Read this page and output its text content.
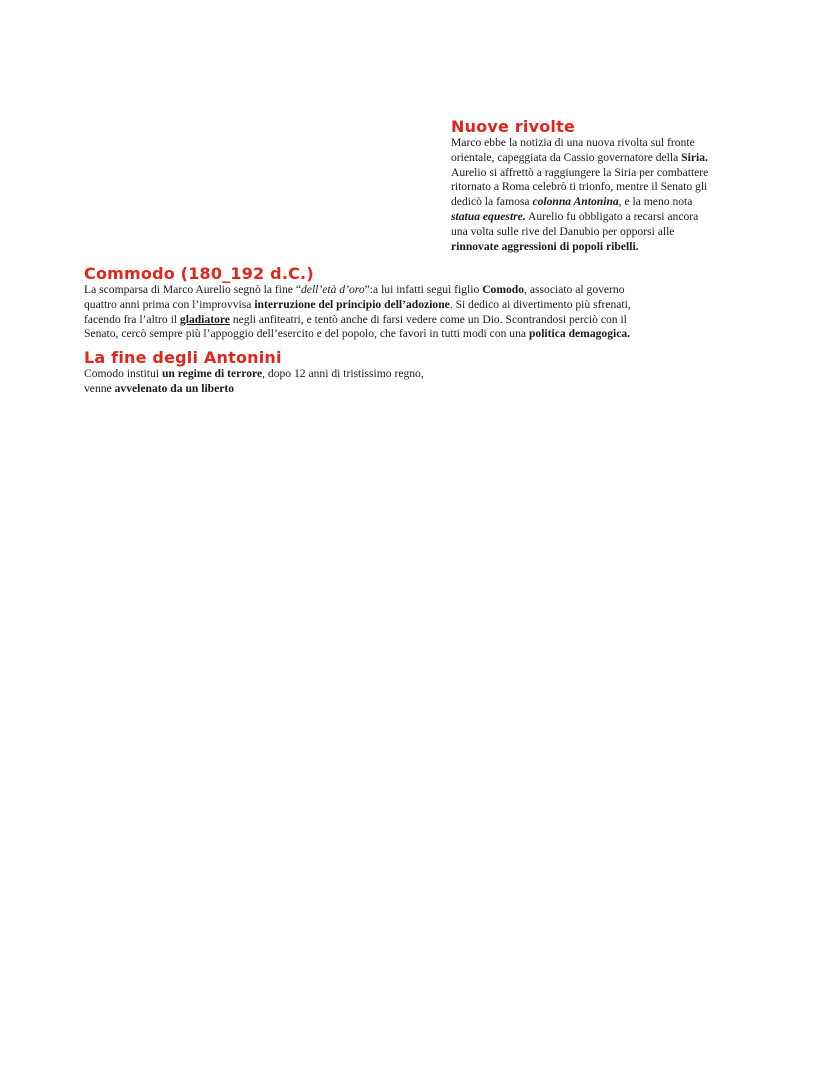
Nuove rivolte

Marco ebbe la notizia di una nuova rivolta sul fronte
orientale, capeggiata da Cassio governatore della Siria.
Aurelio si affrettò a raggiungere la Siria per combattere
ritornato a Roma celebrò ti trionfo, mentre il Senato gli
dedicò la famosa colonna Antonina, e la meno nota
statua equestre. Aurelio fu obbligato a recarsi ancora
una volta sulle rive del Danubio per opporsi alle
rinnovate aggressioni di popoli ribelli.

Commodo (180_192 d.C.)

La scomparsa di Marco Aurelio segnò la fine “dell’età d’oro”:a lui infatti seguì figlio Comodo, associato al governo
quattro anni prima con l’improvvisa interruzione del principio dell’adozione. Si dedico ai divertimento più sfrenati,
facendo fra l’altro il gladiatore negli anfiteatri, e tentò anche di farsi vedere come un Dio. Scontrandosi perciò con il
Senato, cercò sempre più l’appoggio dell’esercito e del popolo, che favorì in tutti modi con una politica demagogica.

La fine degli Antonini

Comodo institui un regime di terrore, dopo 12 anni di tristissimo regno,
venne avvelenato da un liberto
